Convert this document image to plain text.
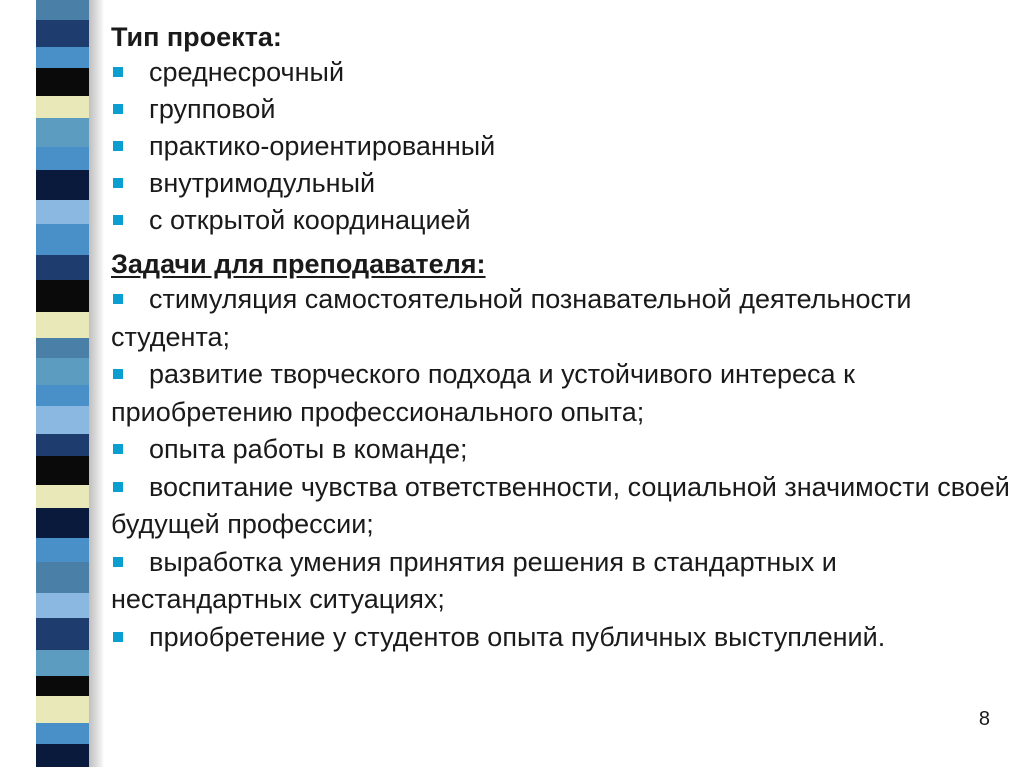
Тип проекта:
среднесрочный
групповой
практико-ориентированный
внутримодульный
с открытой координацией
Задачи для преподавателя:
стимуляция самостоятельной познавательной деятельности студента;
развитие творческого подхода и устойчивого интереса к приобретению профессионального опыта;
опыта работы в команде;
воспитание чувства ответственности, социальной значимости своей будущей профессии;
выработка умения принятия решения в стандартных и нестандартных ситуациях;
приобретение у студентов опыта публичных выступлений.
8
